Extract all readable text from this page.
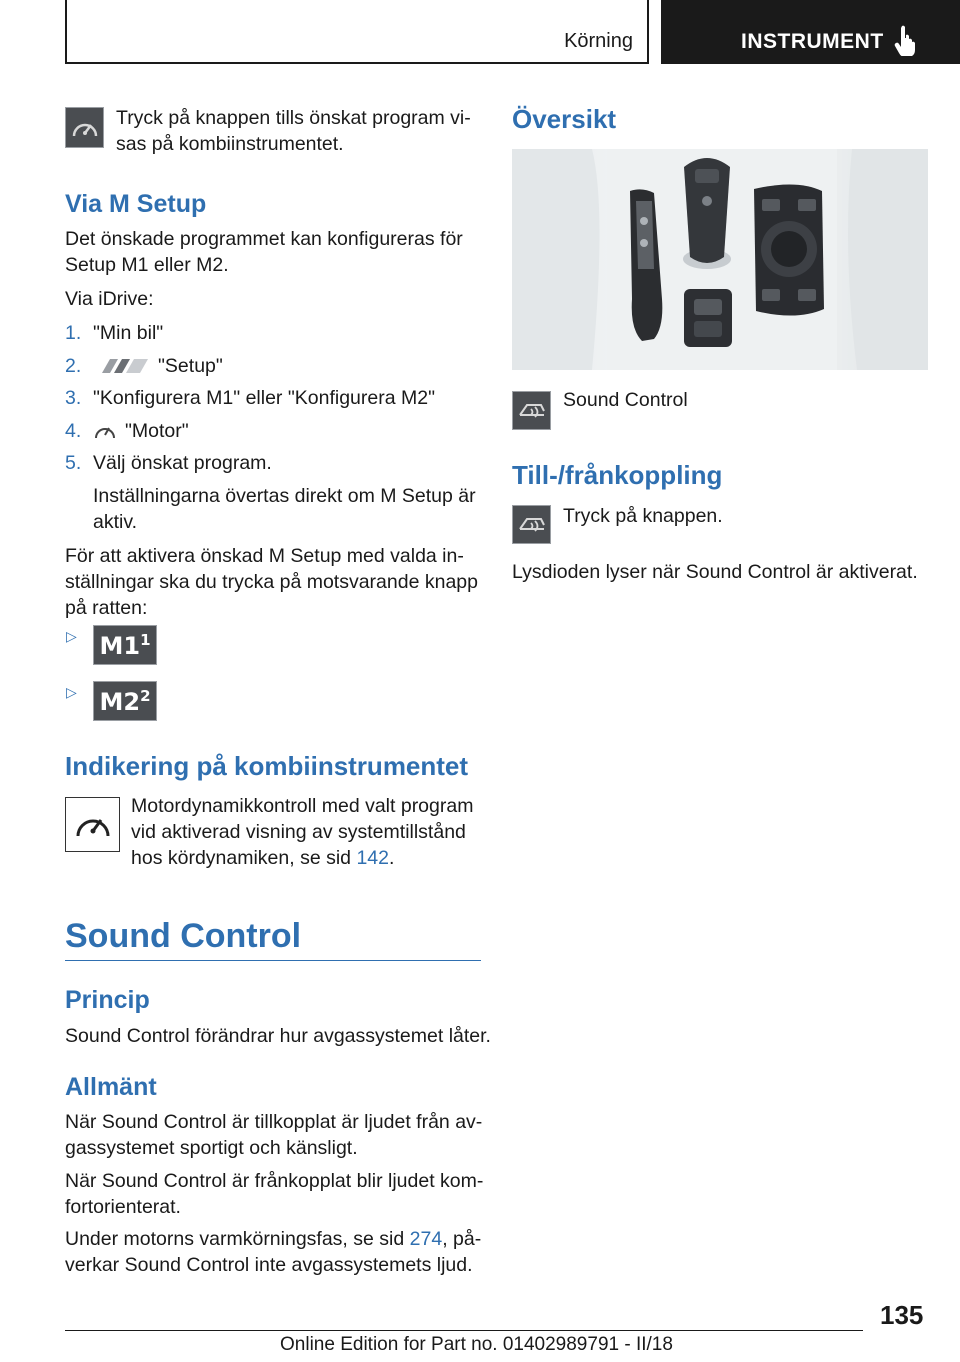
Körning	INSTRUMENT

Tryck på knappen tills önskat program vi-

sas på kombiinstrumentet.

Via M Setup

Det önskade programmet kan konfigureras för

Setup M1 eller M2.

Via iDrive:

1. "Min bil"
2.	"Setup"
3. "Konfigurera M1" eller "Konfigurera M2"
4. "Motor"
5. Välj önskat program.

Inställningarna övertas direkt om M Setup är

aktiv.

För att aktivera önskad M Setup med valda in-

ställningar ska du trycka på motsvarande knapp

på ratten:

▷ $M1^1$
▷ $M2^2$

Indikering på kombiinstrumentet

Motordynamikkontroll med valt program

vid aktiverad visning av systemtillstånd

hos kördynamiken, se sid 142.

Sound Control

Princip

Sound Control förändrar hur avgassystemet låter.

Allmänt

När Sound Control är tillkopplat är ljudet från av-

gassystemet sportigt och känsligt.

När Sound Control är frånkopplat blir ljudet kom-

fortorienterat.

Under motorns varmkörningsfas, se sid 274, på-

verkar Sound Control inte avgassystemets ljud.

Översikt

Sound Control

Till-/frånkoppling

Tryck på knappen.

Lysdioden lyser när Sound Control är aktiverat.

135

Online Edition for Part no. 01402989791 - II/18
